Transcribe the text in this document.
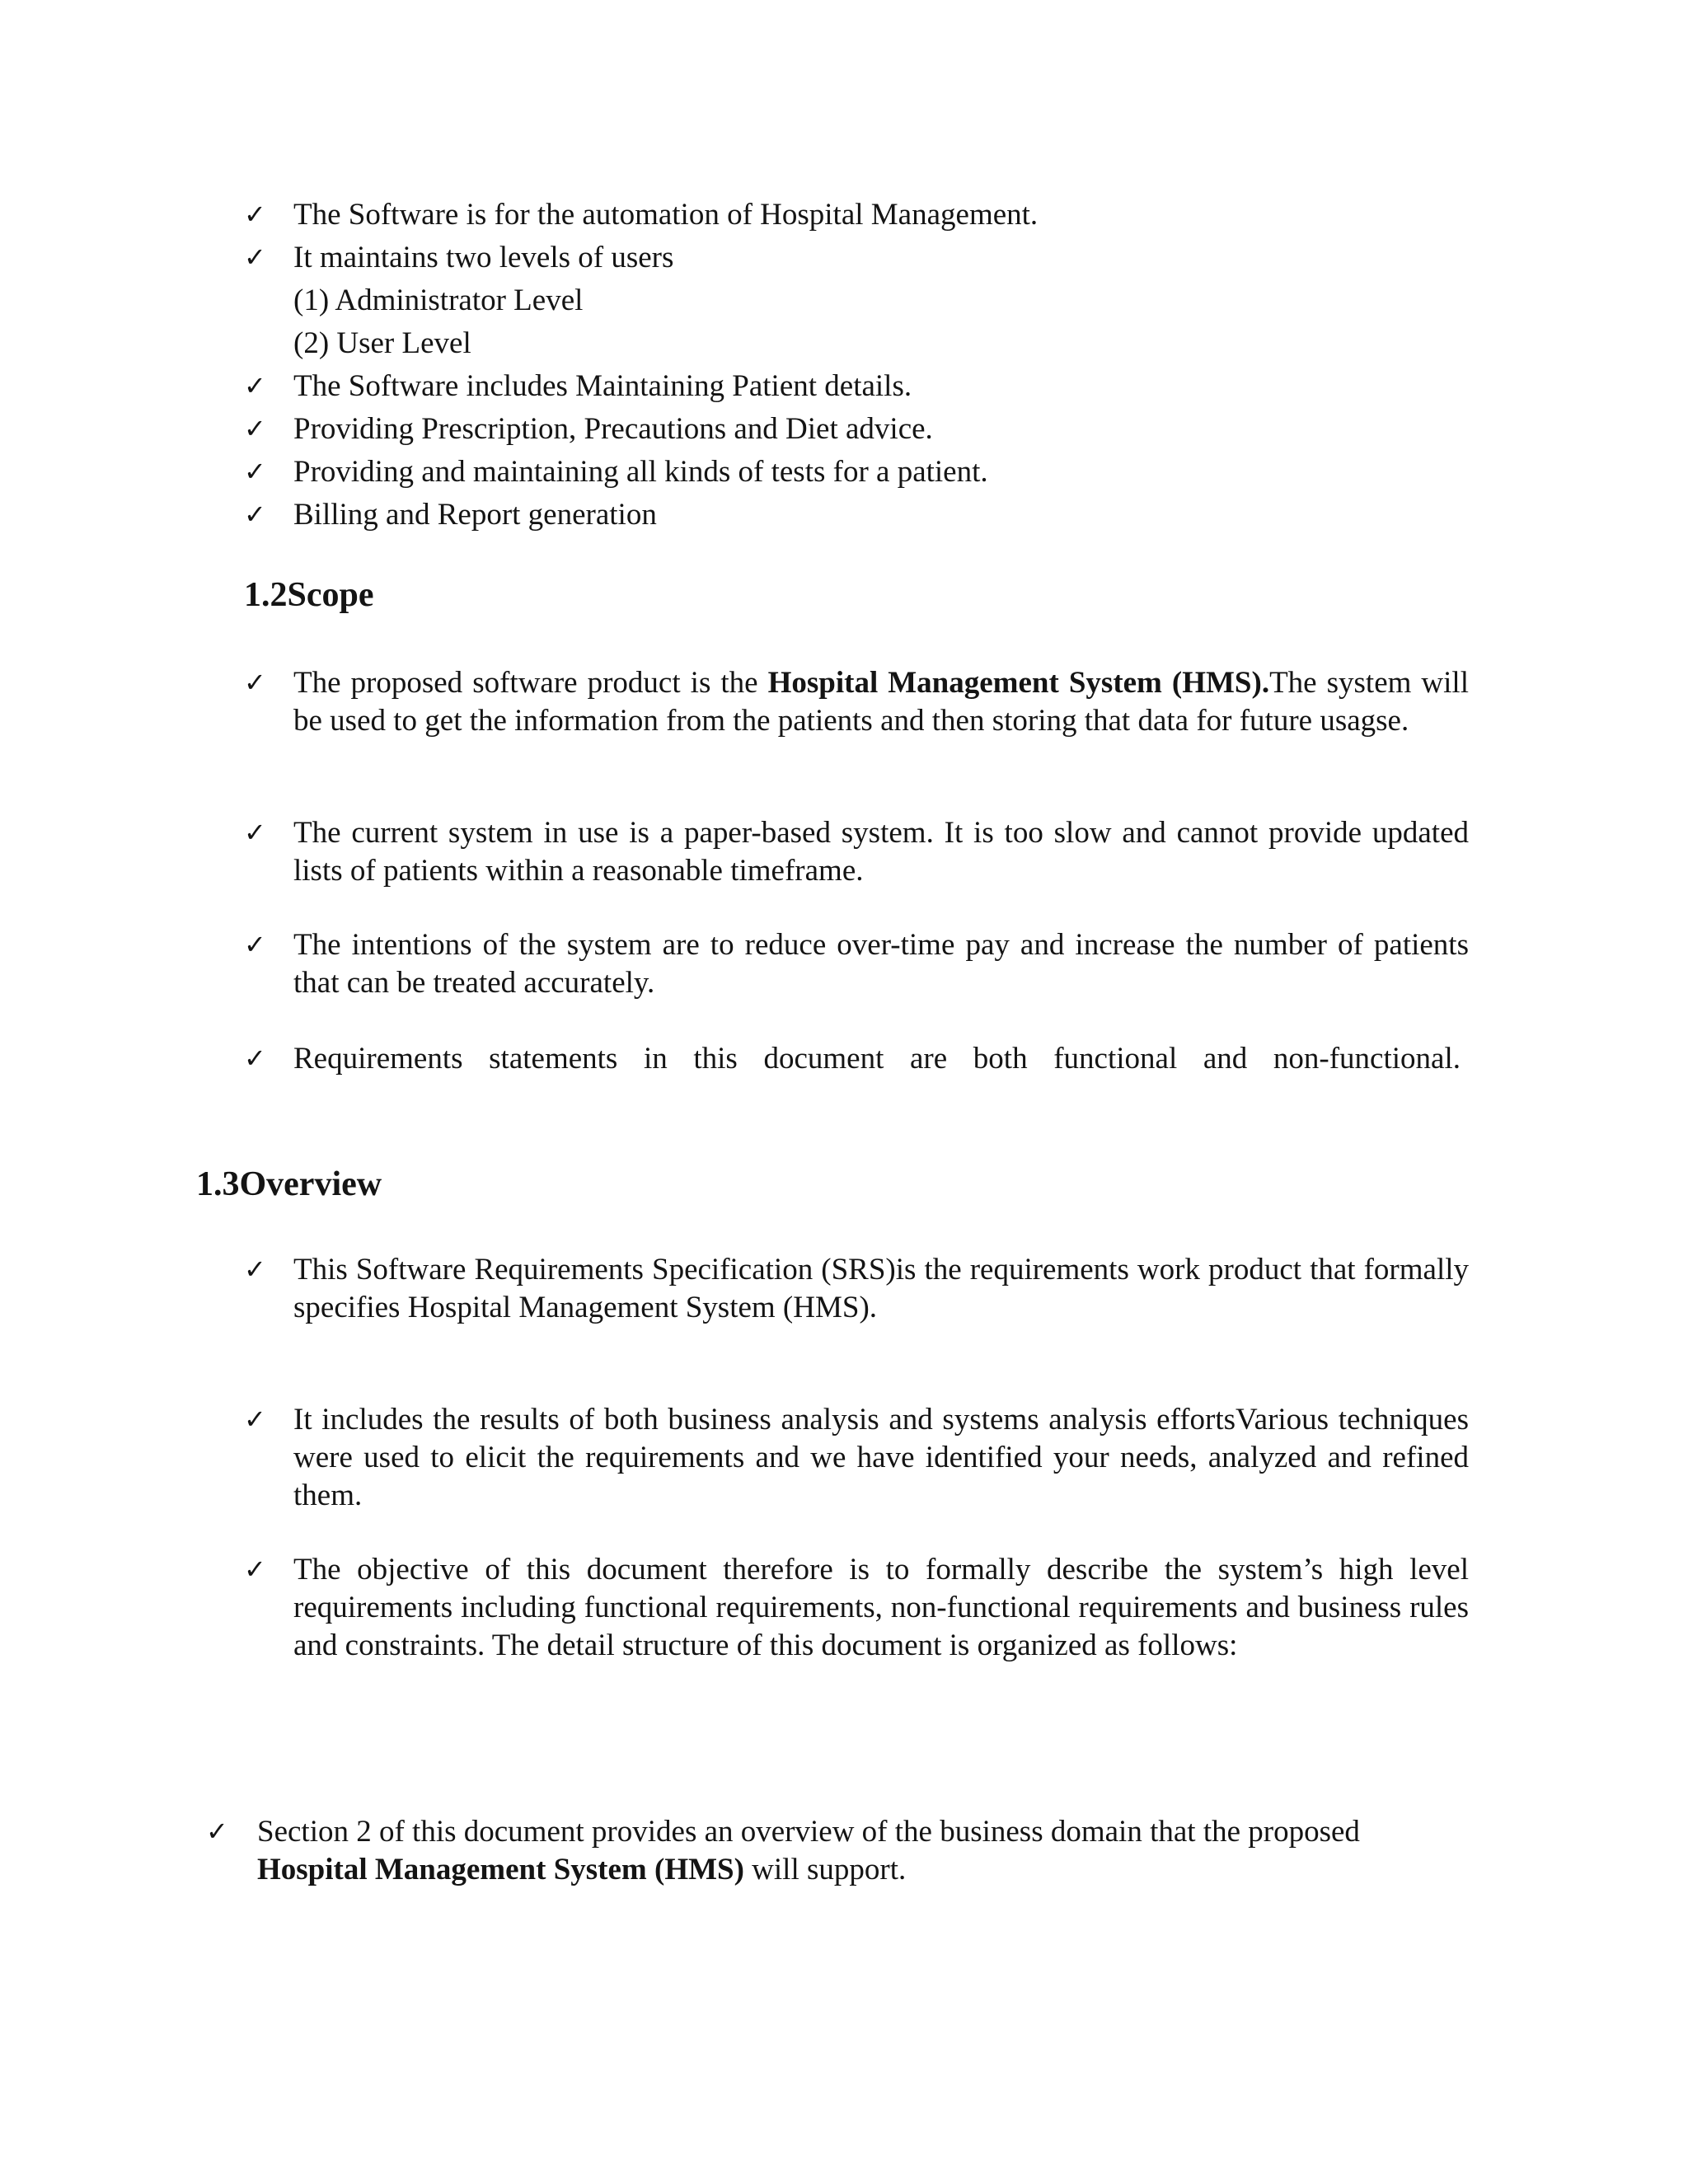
✓ The Software is for the automation of Hospital Management.
✓ It maintains two levels of users
(1) Administrator Level
(2) User Level
✓ The Software includes Maintaining Patient details.
✓ Providing Prescription, Precautions and Diet advice.
✓ Providing and maintaining all kinds of tests for a patient.
✓ Billing and Report generation
1.2Scope
✓ The proposed software product is the Hospital Management System (HMS).The system will be used to get the information from the patients and then storing that data for future usagse.
✓ The current system in use is a paper-based system. It is too slow and cannot provide updated lists of patients within a reasonable timeframe.
✓ The intentions of the system are to reduce over-time pay and increase the number of patients that can be treated accurately.
✓ Requirements statements in this document are both functional and non-functional.
1.3Overview
✓ This Software Requirements Specification (SRS)is the requirements work product that formally specifies Hospital Management System (HMS).
✓ It includes the results of both business analysis and systems analysis effortsVarious techniques were used to elicit the requirements and we have identified your needs, analyzed and refined them.
✓ The objective of this document therefore is to formally describe the system’s high level requirements including functional requirements, non-functional requirements and business rules and constraints. The detail structure of this document is organized as follows:
✓ Section 2 of this document provides an overview of the business domain that the proposed Hospital Management System (HMS) will support.
